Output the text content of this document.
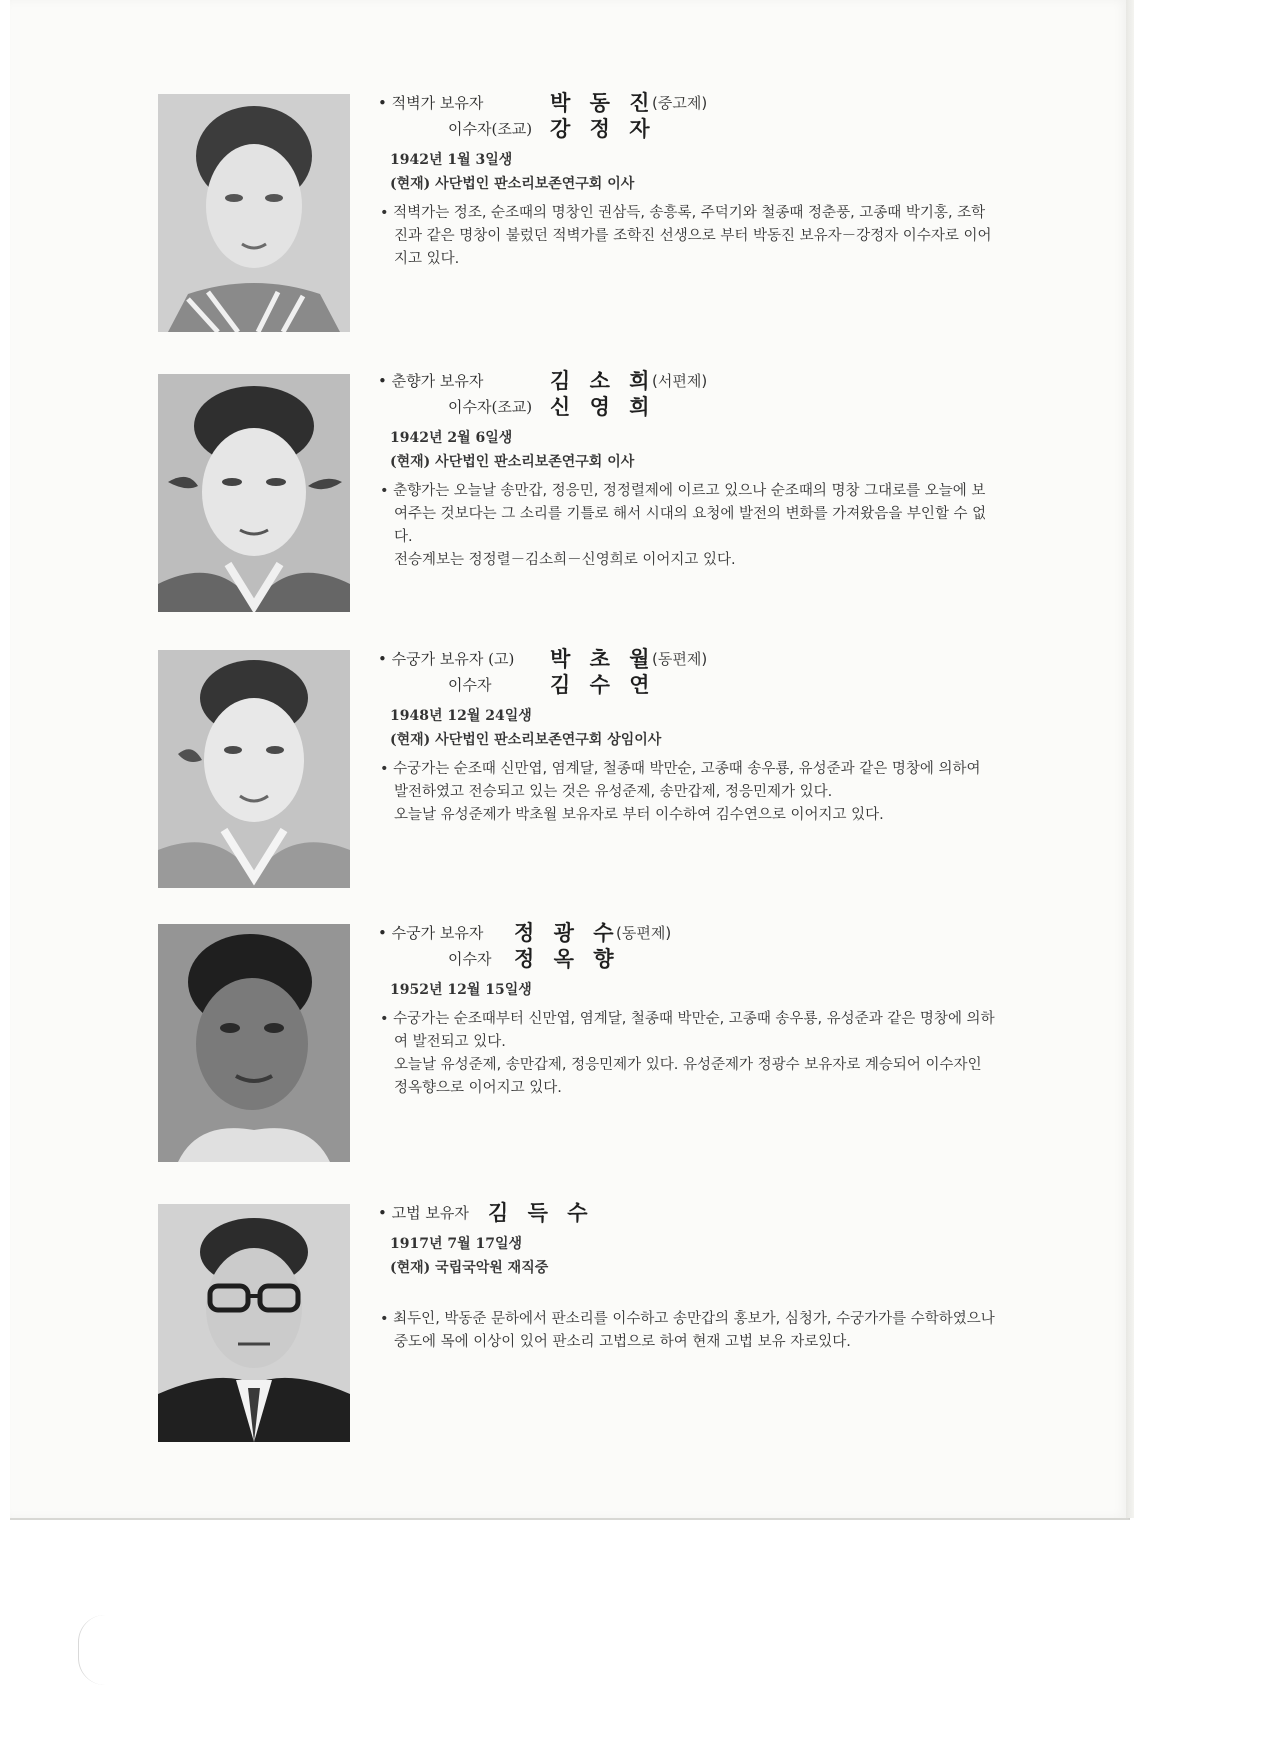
• 적벽가 보유자	박 동 진
(중고제)
이수자(조교) 강 정 자
1942년 1월 3일생
(현재) 사단법인 판소리보존연구회 이사

• 적벽가는 정조, 순조때의 명창인 권삼득, 송흥록, 주덕기와 철종때 정춘풍, 고종때 박기홍, 조학진과 같은 명창이 불렀던 적벽가를 조학진 선생으로 부터 박동진 보유자－강정자 이수자로 이어지고 있다.

• 춘향가 보유자	김 소 희
(서편제)
이수자(조교) 신 영 희
1942년 2월 6일생
(현재) 사단법인 판소리보존연구회 이사

• 춘향가는 오늘날 송만갑, 정응민, 정정렬제에 이르고 있으나 순조때의 명창 그대로를 오늘에 보여주는 것보다는 그 소리를 기틀로 해서 시대의 요청에 발전의 변화를 가져왔음을 부인할 수 없다.

전승계보는 정정렬－김소희－신영희로 이어지고 있다.

• 수궁가 보유자 (고) 박 초 월
(동편제)
이수자	김 수 연
1948년 12월 24일생
(현재) 사단법인 판소리보존연구회 상임이사

• 수궁가는 순조때 신만엽, 염계달, 철종때 박만순, 고종때 송우룡, 유성준과 같은 명창에 의하여 발전하였고 전승되고 있는 것은 유성준제, 송만갑제, 정응민제가 있다.

오늘날 유성준제가 박초월 보유자로 부터 이수하여 김수연으로 이어지고 있다.

• 수궁가 보유자 정 광 수
(동편제)
이수자 정 옥 향
1952년 12월 15일생

• 수궁가는 순조때부터 신만엽, 염계달, 철종때 박만순, 고종때 송우룡, 유성준과 같은 명창에 의하여 발전되고 있다.

오늘날 유성준제, 송만갑제, 정응민제가 있다. 유성준제가 정광수 보유자로 계승되어 이수자인 정옥향으로 이어지고 있다.

• 고법 보유자 김 득 수
1917년 7월 17일생
(현재) 국립국악원 재직중

• 최두인, 박동준 문하에서 판소리를 이수하고 송만갑의 홍보가, 심청가, 수궁가가를 수학하였으나 중도에 목에 이상이 있어 판소리 고법으로 하여 현재 고법 보유 자로있다.
